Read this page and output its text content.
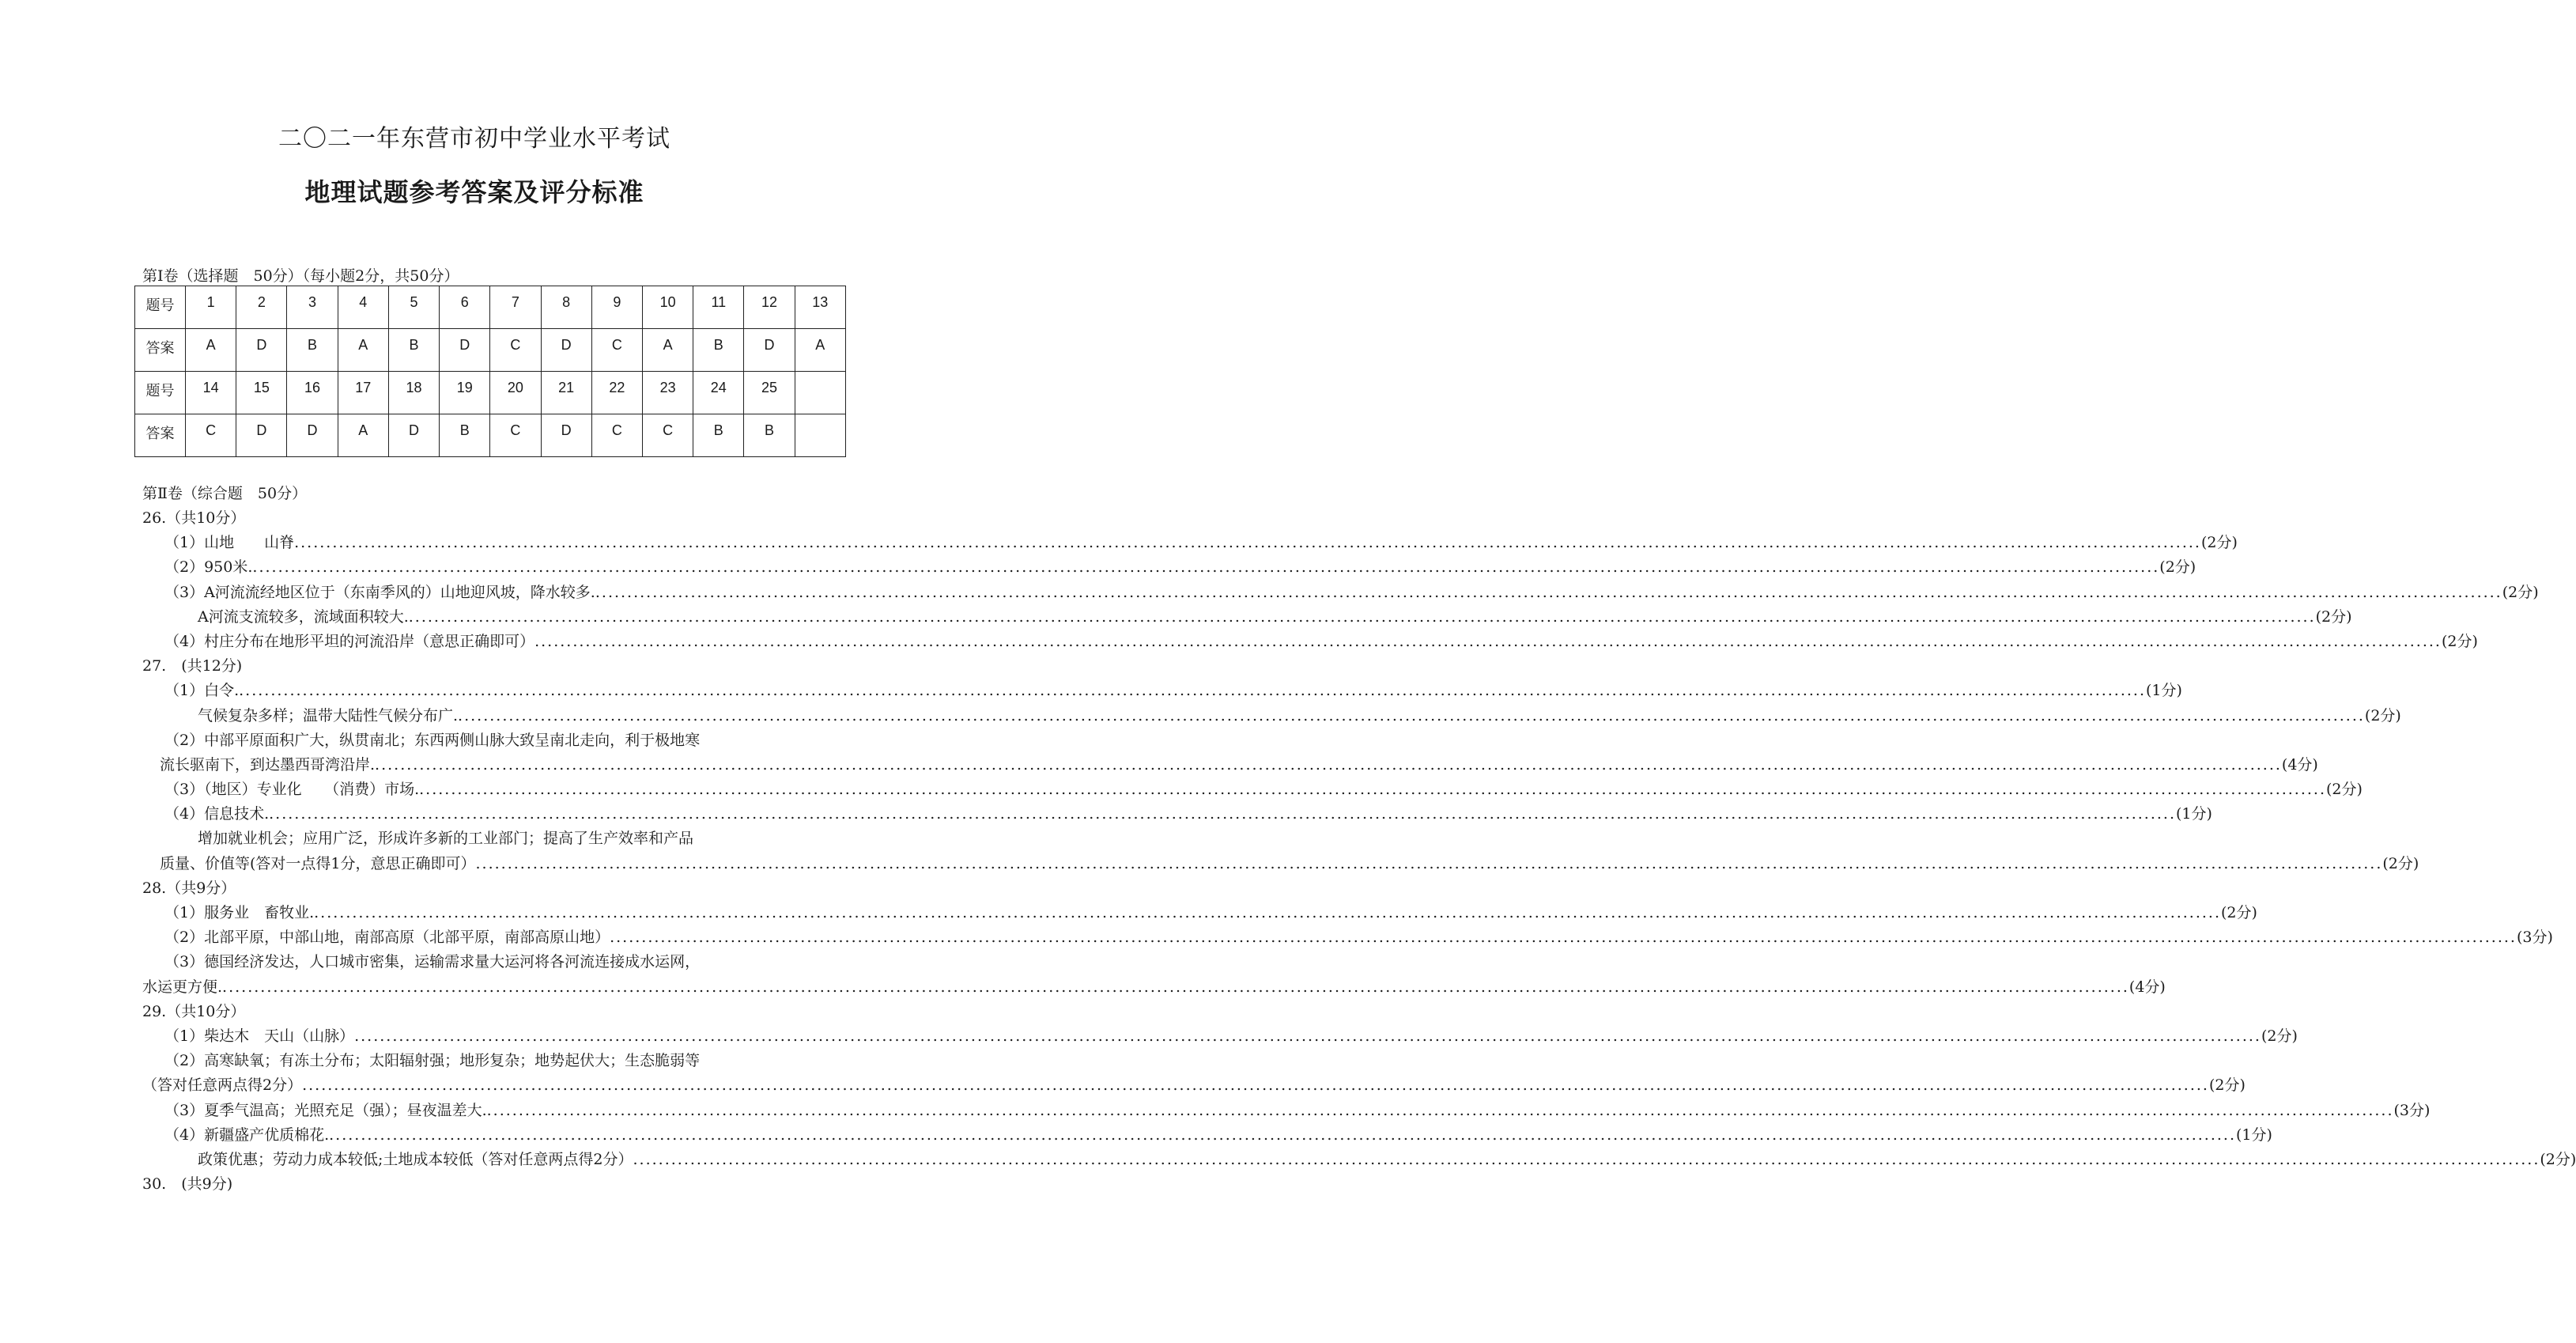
二〇二一年东营市初中学业水平考试
地理试题参考答案及评分标准
第Ⅰ卷（选择题　50分）（每小题2分，共50分）
题号	1	2	3	4	5	6	7	8	9	10	11	12	13
答案	A	D	B	A	B	D	C	D	C	A	B	D	A
题号	14	15	16	17	18	19	20	21	22	23	24	25	
答案	C	D	D	A	D	B	C	D	C	C	B	B	
第Ⅱ卷（综合题　50分）
26.（共10分）
（1）山地　　山脊 ............................................................................................................................................................................................................................................................................................................ (2分)
（2）950米. ............................................................................................................................................................................................................................................................................................................ (2分)
（3）A河流流经地区位于（东南季风的）山地迎风坡，降水较多. ............................................................................................................................................................................................................................................................................................................ (2分)
A河流支流较多，流域面积较大. ............................................................................................................................................................................................................................................................................................................ (2分)
（4）村庄分布在地形平坦的河流沿岸（意思正确即可） ............................................................................................................................................................................................................................................................................................................ (2分)
27.　(共12分)
（1）白令. ............................................................................................................................................................................................................................................................................................................ (1分)
气候复杂多样；温带大陆性气候分布广. ............................................................................................................................................................................................................................................................................................................ (2分)
（2）中部平原面积广大，纵贯南北；东西两侧山脉大致呈南北走向，利于极地寒
流长驱南下，到达墨西哥湾沿岸. ............................................................................................................................................................................................................................................................................................................ (4分)
（3）（地区）专业化　　（消费）市场. ............................................................................................................................................................................................................................................................................................................ (2分)
（4）信息技术. ............................................................................................................................................................................................................................................................................................................ (1分)
增加就业机会；应用广泛，形成许多新的工业部门；提高了生产效率和产品
质量、价值等(答对一点得1分，意思正确即可） ............................................................................................................................................................................................................................................................................................................ (2分)
28.（共9分）
（1）服务业　畜牧业. ............................................................................................................................................................................................................................................................................................................ (2分)
（2）北部平原，中部山地，南部高原（北部平原，南部高原山地） ............................................................................................................................................................................................................................................................................................................ (3分)
（3）德国经济发达，人口城市密集，运输需求量大运河将各河流连接成水运网，
水运更方便. ............................................................................................................................................................................................................................................................................................................ (4分)
29.（共10分）
（1）柴达木　天山（山脉） ............................................................................................................................................................................................................................................................................................................ (2分)
（2）高寒缺氧；有冻土分布；太阳辐射强；地形复杂；地势起伏大；生态脆弱等
（答对任意两点得2分） ............................................................................................................................................................................................................................................................................................................ (2分)　　
（3）夏季气温高；光照充足（强）；昼夜温差大. ............................................................................................................................................................................................................................................................................................................ (3分)
（4）新疆盛产优质棉花. ............................................................................................................................................................................................................................................................................................................ (1分)
政策优惠；劳动力成本较低;土地成本较低（答对任意两点得2分） ............................................................................................................................................................................................................................................................................................................ (2分)
30.　(共9分)
